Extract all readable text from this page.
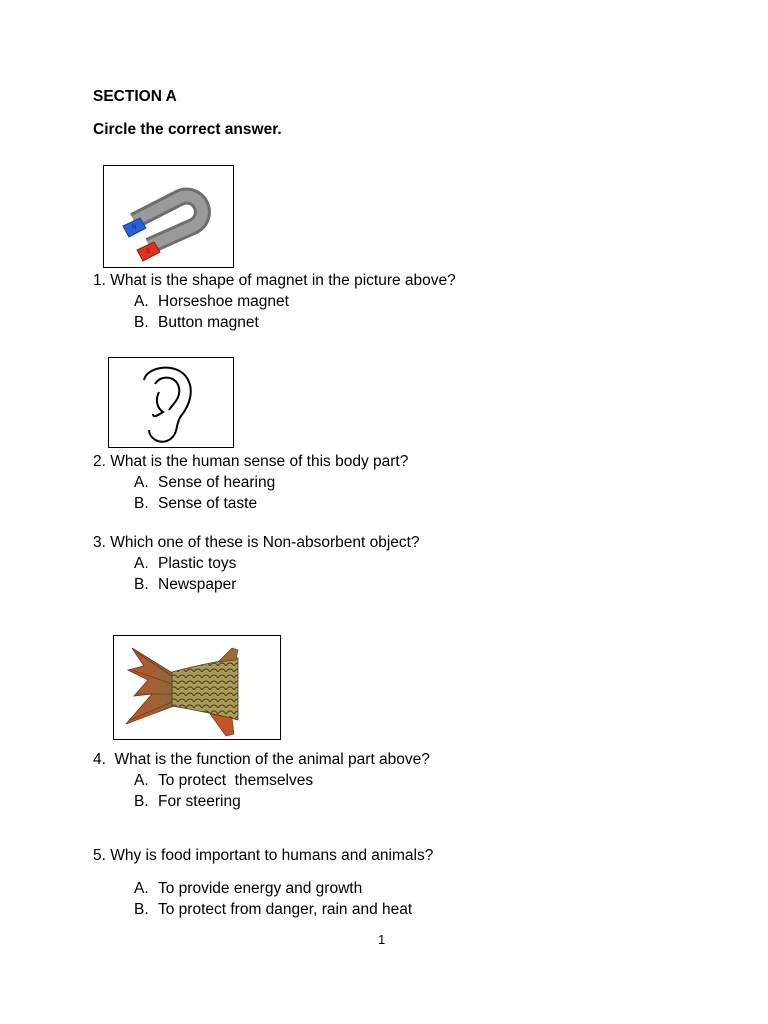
SECTION A
Circle the correct answer.
N
S
1. What is the shape of magnet in the picture above?
A. Horseshoe magnet
B. Button magnet
2. What is the human sense of this body part?
A. Sense of hearing
B. Sense of taste
3. Which one of these is Non-absorbent object?
A. Plastic toys
B. Newspaper
4.  What is the function of the animal part above?
A. To protect  themselves
B. For steering
5. Why is food important to humans and animals?
A. To provide energy and growth
B. To protect from danger, rain and heat
1
